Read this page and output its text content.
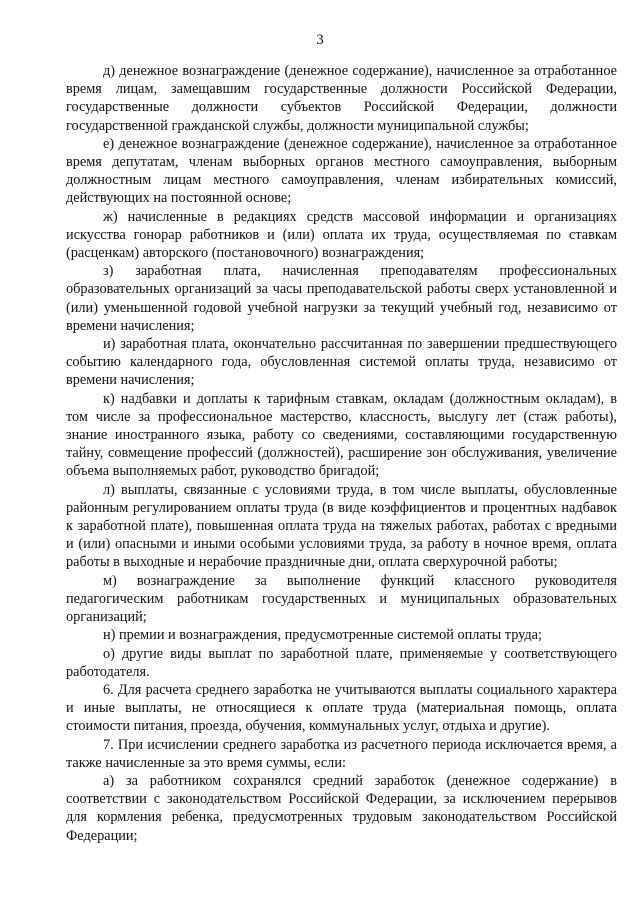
3

д) денежное вознаграждение (денежное содержание), начисленное за отработанное время лицам, замещавшим государственные должности Российской Федерации, государственные должности субъектов Российской Федерации, должности государственной гражданской службы, должности муниципальной службы;

е) денежное вознаграждение (денежное содержание), начисленное за отработанное время депутатам, членам выборных органов местного самоуправления, выборным должностным лицам местного самоуправления, членам избирательных комиссий, действующих на постоянной основе;

ж) начисленные в редакциях средств массовой информации и организациях искусства гонорар работников и (или) оплата их труда, осуществляемая по ставкам (расценкам) авторского (постановочного) вознаграждения;

з) заработная плата, начисленная преподавателям профессиональных образовательных организаций за часы преподавательской работы сверх установленной и (или) уменьшенной годовой учебной нагрузки за текущий учебный год, независимо от времени начисления;

и) заработная плата, окончательно рассчитанная по завершении предшествующего событию календарного года, обусловленная системой оплаты труда, независимо от времени начисления;

к) надбавки и доплаты к тарифным ставкам, окладам (должностным окладам), в том числе за профессиональное мастерство, классность, выслугу лет (стаж работы), знание иностранного языка, работу со сведениями, составляющими государственную тайну, совмещение профессий (должностей), расширение зон обслуживания, увеличение объема выполняемых работ, руководство бригадой;

л) выплаты, связанные с условиями труда, в том числе выплаты, обусловленные районным регулированием оплаты труда (в виде коэффициентов и процентных надбавок к заработной плате), повышенная оплата труда на тяжелых работах, работах с вредными и (или) опасными и иными особыми условиями труда, за работу в ночное время, оплата работы в выходные и нерабочие праздничные дни, оплата сверхурочной работы;

м) вознаграждение за выполнение функций классного руководителя педагогическим работникам государственных и муниципальных образовательных организаций;

н) премии и вознаграждения, предусмотренные системой оплаты труда;

о) другие виды выплат по заработной плате, применяемые у соответствующего работодателя.

6. Для расчета среднего заработка не учитываются выплаты социального характера и иные выплаты, не относящиеся к оплате труда (материальная помощь, оплата стоимости питания, проезда, обучения, коммунальных услуг, отдыха и другие).

7. При исчислении среднего заработка из расчетного периода исключается время, а также начисленные за это время суммы, если:

а) за работником сохранялся средний заработок (денежное содержание) в соответствии с законодательством Российской Федерации, за исключением перерывов для кормления ребенка, предусмотренных трудовым законодательством Российской Федерации;
